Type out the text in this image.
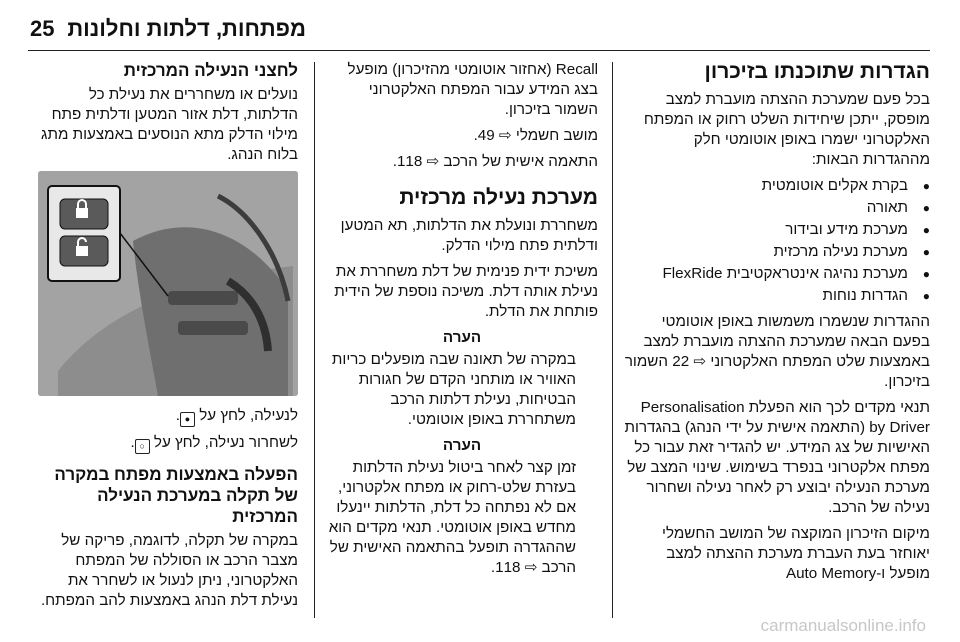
מפתחות, דלתות וחלונות
25
הגדרות שתוכנתו בזיכרון

בכל פעם שמערכת ההצתה מועברת למצב מופסק, ייתכן שיחידות השלט רחוק או המפתח האלקטרוני ישמרו באופן אוטומטי חלק מההגדרות הבאות:

● בקרת אקלים אוטומטית
● תאורה
● מערכת מידע ובידור
● מערכת נעילה מרכזית
● מערכת נהיגה אינטראקטיבית FlexRide
● הגדרות נוחות

ההגדרות שנשמרו משמשות באופן אוטומטי בפעם הבאה שמערכת ההצתה מועברת למצב באמצעות שלט המפתח האלקטרוני ⇨ 22 השמור בזיכרון.

תנאי מקדים לכך הוא הפעלת Personalisation by Driver (התאמה אישית על ידי הנהג) בהגדרות האישיות של צג המידע. יש להגדיר זאת עבור כל מפתח אלקטרוני בנפרד בשימוש. שינוי המצב של מערכת הנעילה יבוצע רק לאחר נעילה ושחרור נעילה של הרכב.

מיקום הזיכרון המוקצה של המושב החשמלי יאוחזר בעת העברת מערכת ההצתה למצב מופעל ו-Auto Memory

Recall (אחזור אוטומטי מהזיכרון) מופעל בצג המידע עבור המפתח האלקטרוני השמור בזיכרון.

מושב חשמלי ⇨ 49.

התאמה אישית של הרכב ⇨ 118.

מערכת נעילה מרכזית

משחררת ונועלת את הדלתות, תא המטען ודלתית פתח מילוי הדלק.

משיכת ידית פנימית של דלת משחררת את נעילת אותה דלת. משיכה נוספת של הידית פותחת את הדלת.

הערה

במקרה של תאונה שבה מופעלים כריות האוויר או מותחני הקדם של חגורות הבטיחות, נעילת דלתות הרכב משתחררת באופן אוטומטי.

הערה

זמן קצר לאחר ביטול נעילת הדלתות בעזרת שלט-רחוק או מפתח אלקטרוני, אם לא נפתחה כל דלת, הדלתות יינעלו מחדש באופן אוטומטי. תנאי מקדים הוא שההגדרה תופעל בהתאמה האישית של הרכב ⇨ 118.

לחצני הנעילה המרכזית

נועלים או משחררים את נעילת כל הדלתות, דלת אזור המטען ודלתית פתח מילוי הדלק מתא הנוסעים באמצעות מתג בלוח הנהג.

לנעילה, לחץ על ●.

לשחרור נעילה, לחץ על ○.

הפעלה באמצעות מפתח במקרה של תקלה במערכת הנעילה המרכזית

במקרה של תקלה, לדוגמה, פריקה של מצבר הרכב או הסוללה של המפתח האלקטרוני, ניתן לנעול או לשחרר את נעילת דלת הנהג באמצעות להב המפתח.

carmanualsonline.info
